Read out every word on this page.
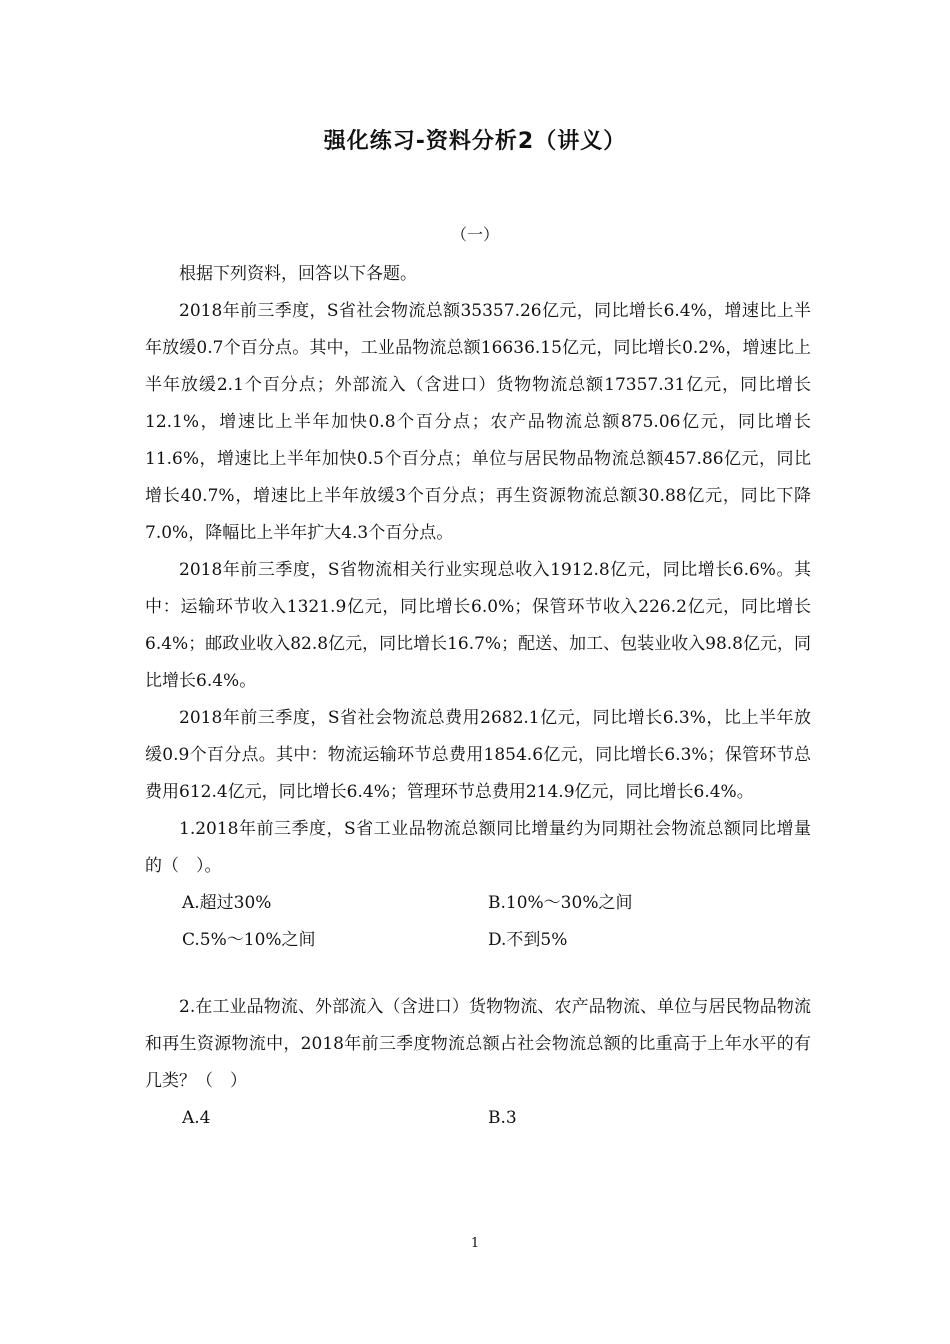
强化练习-资料分析2（讲义）
（一）

根据下列资料，回答以下各题。

2018年前三季度，S省社会物流总额35357.26亿元，同比增长6.4%，增速比上半年放缓0.7个百分点。其中，工业品物流总额16636.15亿元，同比增长0.2%，增速比上半年放缓2.1个百分点；外部流入（含进口）货物物流总额17357.31亿元，同比增长12.1%，增速比上半年加快0.8个百分点；农产品物流总额875.06亿元，同比增长11.6%，增速比上半年加快0.5个百分点；单位与居民物品物流总额457.86亿元，同比增长40.7%，增速比上半年放缓3个百分点；再生资源物流总额30.88亿元，同比下降7.0%，降幅比上半年扩大4.3个百分点。

2018年前三季度，S省物流相关行业实现总收入1912.8亿元，同比增长6.6%。其中：运输环节收入1321.9亿元，同比增长6.0%；保管环节收入226.2亿元，同比增长6.4%；邮政业收入82.8亿元，同比增长16.7%；配送、加工、包装业收入98.8亿元，同比增长6.4%。

2018年前三季度，S省社会物流总费用2682.1亿元，同比增长6.3%，比上半年放缓0.9个百分点。其中：物流运输环节总费用1854.6亿元，同比增长6.3%；保管环节总费用612.4亿元，同比增长6.4%；管理环节总费用214.9亿元，同比增长6.4%。

1.2018年前三季度，S省工业品物流总额同比增量约为同期社会物流总额同比增量的（　）。

A.超过30%	B.10%～30%之间
C.5%～10%之间	D.不到5%

2.在工业品物流、外部流入（含进口）货物物流、农产品物流、单位与居民物品物流和再生资源物流中，2018年前三季度物流总额占社会物流总额的比重高于上年水平的有几类？（　）

A.4	B.3
1
